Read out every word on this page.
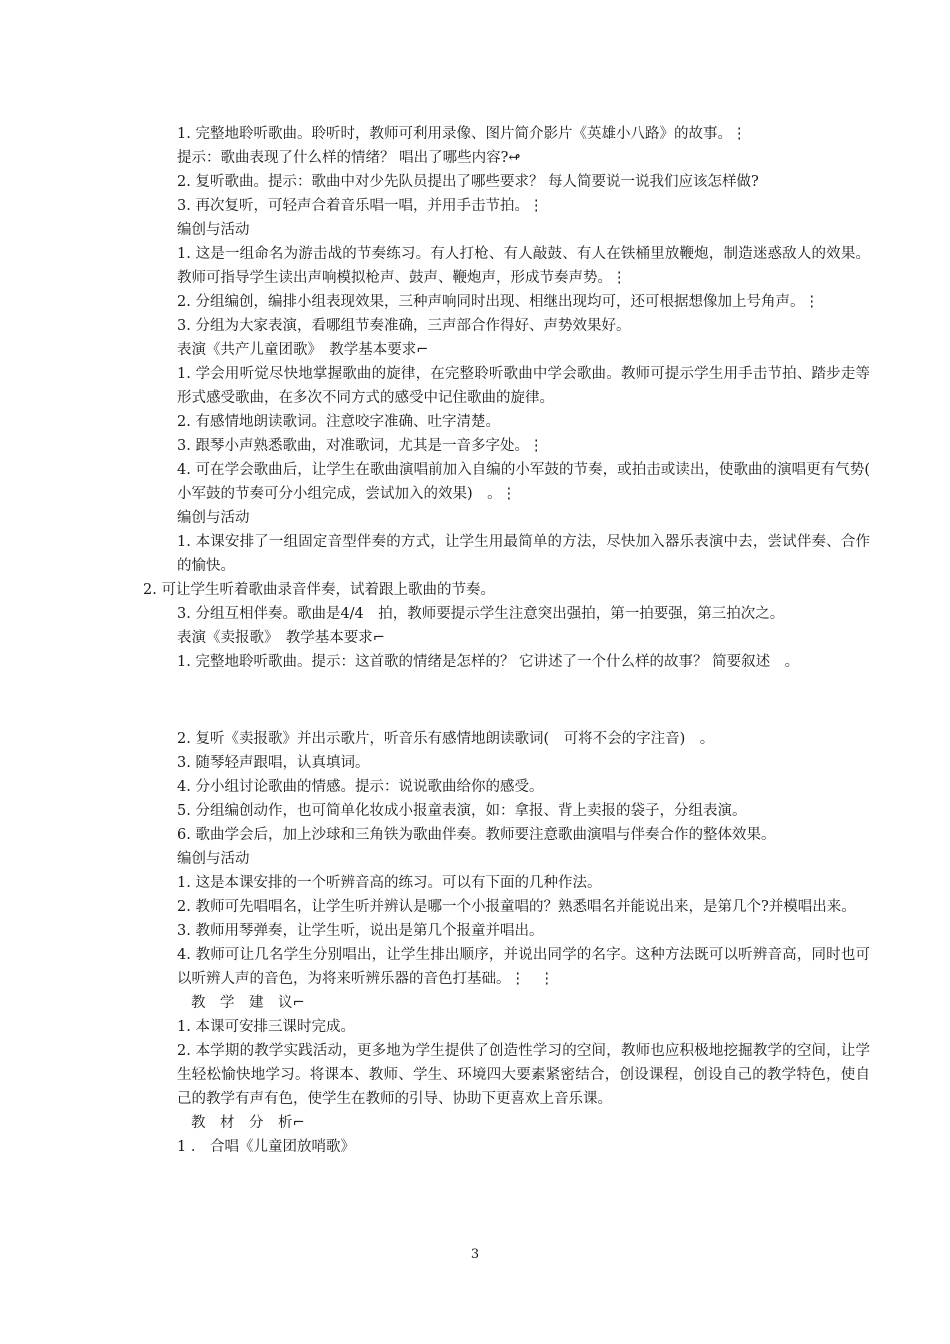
1. 完整地聆听歌曲。聆听时，教师可利用录像、图片简介影片《英雄小八路》的故事。⋮

提示：歌曲表现了什么样的情绪？ 唱出了哪些内容?↫

2. 复听歌曲。提示：歌曲中对少先队员提出了哪些要求？ 每人简要说一说我们应该怎样做?

3. 再次复听，可轻声合着音乐唱一唱，并用手击节拍。⋮

编创与活动

1. 这是一组命名为游击战的节奏练习。有人打枪、有人敲鼓、有人在铁桶里放鞭炮，制造迷惑敌人的效果。教师可指导学生读出声响模拟枪声、鼓声、鞭炮声，形成节奏声势。⋮

2. 分组编创，编排小组表现效果，三种声响同时出现、相继出现均可，还可根据想像加上号角声。⋮

3. 分组为大家表演，看哪组节奏准确，三声部合作得好、声势效果好。

表演《共产儿童团歌》　教学基本要求⌐

1. 学会用听觉尽快地掌握歌曲的旋律，在完整聆听歌曲中学会歌曲。教师可提示学生用手击节拍、踏步走等形式感受歌曲，在多次不同方式的感受中记住歌曲的旋律。

2. 有感情地朗读歌词。注意咬字准确、吐字清楚。

3. 跟琴小声熟悉歌曲，对准歌词，尤其是一音多字处。⋮

4. 可在学会歌曲后，让学生在歌曲演唱前加入自编的小军鼓的节奏，或拍击或读出，使歌曲的演唱更有气势(　小军鼓的节奏可分小组完成，尝试加入的效果)　。⋮

编创与活动

1. 本课安排了一组固定音型伴奏的方式，让学生用最简单的方法，尽快加入器乐表演中去，尝试伴奏、合作的愉快。

2. 可让学生听着歌曲录音伴奏，试着跟上歌曲的节奏。

3. 分组互相伴奏。歌曲是4/4　拍，教师要提示学生注意突出强拍，第一拍要强，第三拍次之。

表演《卖报歌》　教学基本要求⌐

1. 完整地聆听歌曲。提示：这首歌的情绪是怎样的？ 它讲述了一个什么样的故事？ 简要叙述　。

2. 复听《卖报歌》并出示歌片，听音乐有感情地朗读歌词(　可将不会的字注音)　。

3. 随琴轻声跟唱，认真填词。

4. 分小组讨论歌曲的情感。提示：说说歌曲给你的感受。

5. 分组编创动作，也可简单化妆成小报童表演，如：拿报、背上卖报的袋子，分组表演。

6. 歌曲学会后，加上沙球和三角铁为歌曲伴奏。教师要注意歌曲演唱与伴奏合作的整体效果。

编创与活动

1. 这是本课安排的一个听辨音高的练习。可以有下面的几种作法。

2. 教师可先唱唱名，让学生听并辨认是哪一个小报童唱的？熟悉唱名并能说出来，是第几个?并模唱出来。

3. 教师用琴弹奏，让学生听，说出是第几个报童并唱出。

4. 教师可让几名学生分别唱出，让学生排出顺序，并说出同学的名字。这种方法既可以听辨音高，同时也可以听辨人声的音色，为将来听辨乐器的音色打基础。⋮　⋮

教　学　建　议⌐

1. 本课可安排三课时完成。

2. 本学期的教学实践活动，更多地为学生提供了创造性学习的空间，教师也应积极地挖掘教学的空间，让学生轻松愉快地学习。将课本、教师、学生、环境四大要素紧密结合，创设课程，创设自己的教学特色，使自己的教学有声有色，使学生在教师的引导、协助下更喜欢上音乐课。

教　材　分　析⌐

1 ． 合唱《儿童团放哨歌》

3
